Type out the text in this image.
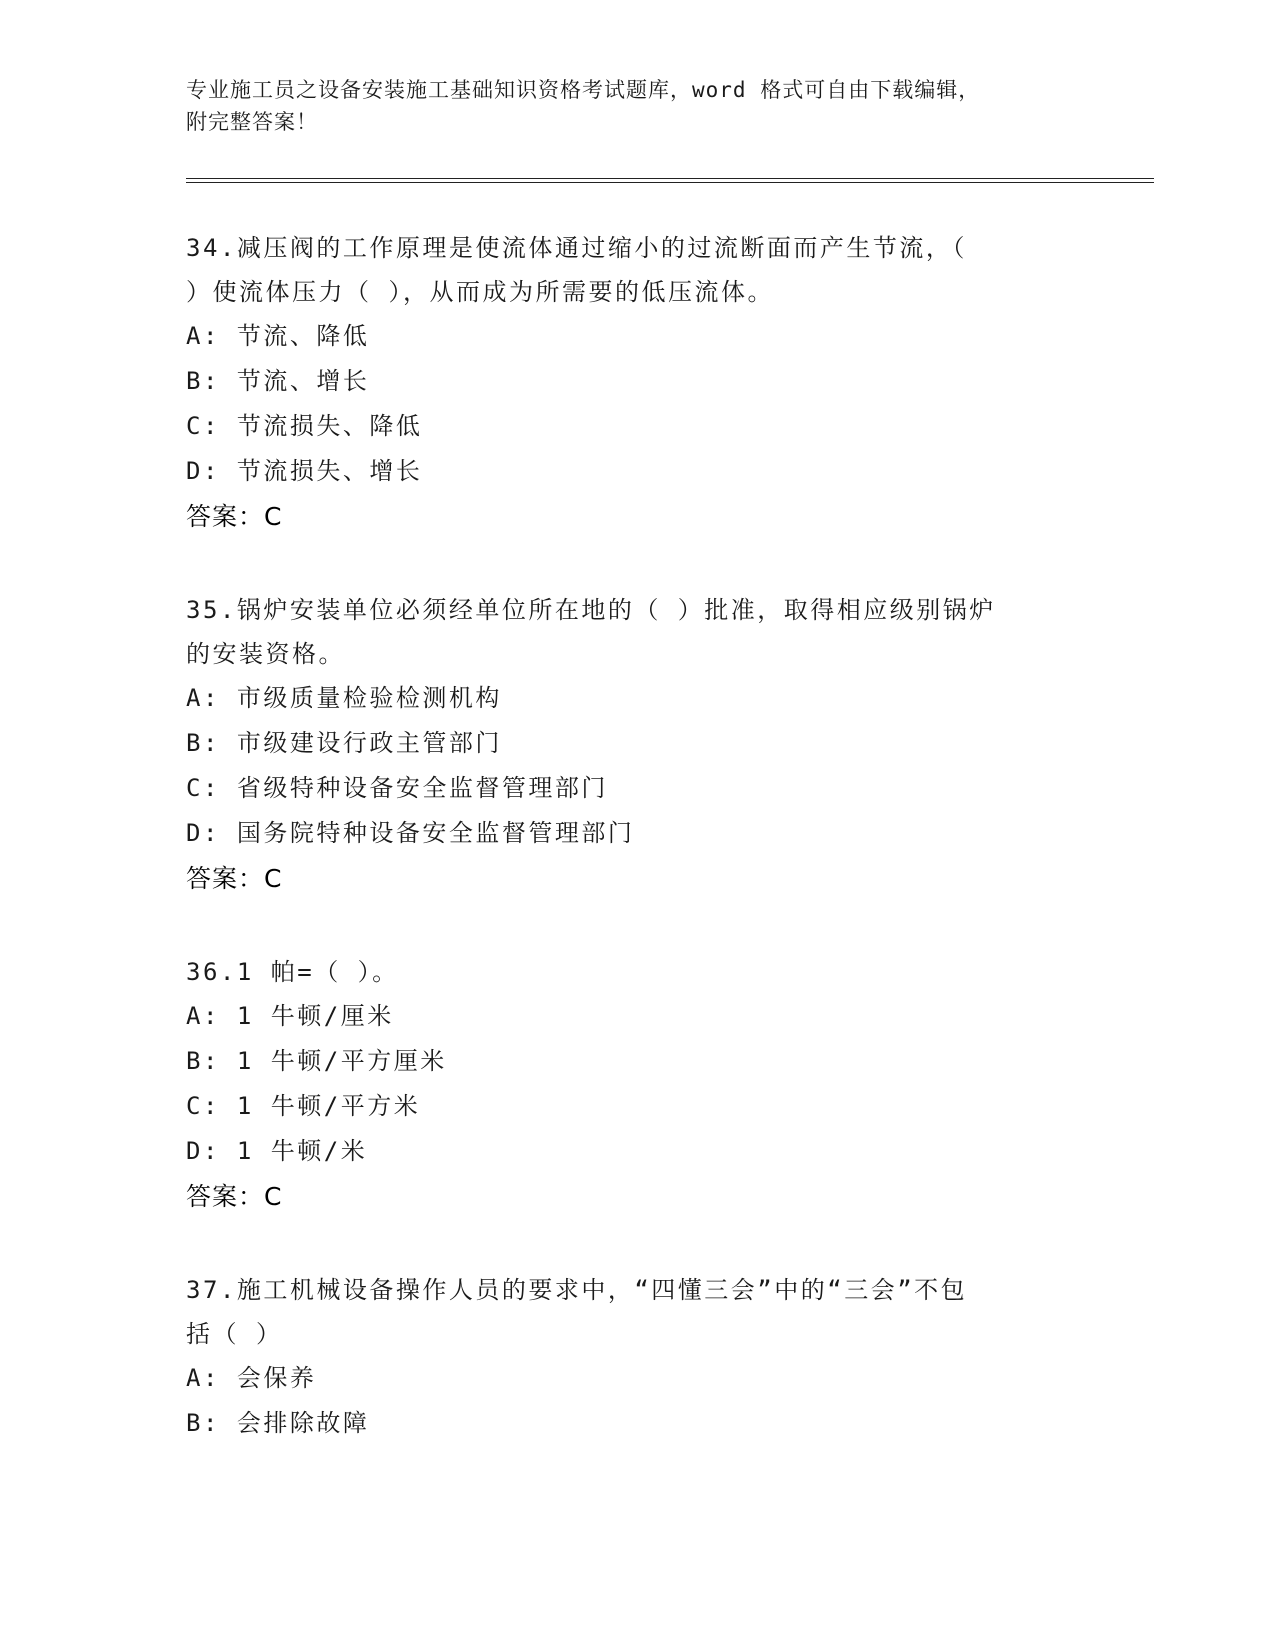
专业施工员之设备安装施工基础知识资格考试题库，word 格式可自由下载编辑，
附完整答案！

34.减压阀的工作原理是使流体通过缩小的过流断面而产生节流，（

）使流体压力（ ），从而成为所需要的低压流体。

A: 节流、降低

B: 节流、增长

C: 节流损失、降低

D: 节流损失、增长

答案：C

35.锅炉安装单位必须经单位所在地的（ ）批准，取得相应级别锅炉

的安装资格。

A: 市级质量检验检测机构

B: 市级建设行政主管部门

C: 省级特种设备安全监督管理部门

D: 国务院特种设备安全监督管理部门

答案：C

36.1 帕=（ ）。

A: 1 牛顿/厘米

B: 1 牛顿/平方厘米

C: 1 牛顿/平方米

D: 1 牛顿/米

答案：C

37.施工机械设备操作人员的要求中，“四懂三会”中的“三会”不包

括（ ）

A: 会保养

B: 会排除故障
